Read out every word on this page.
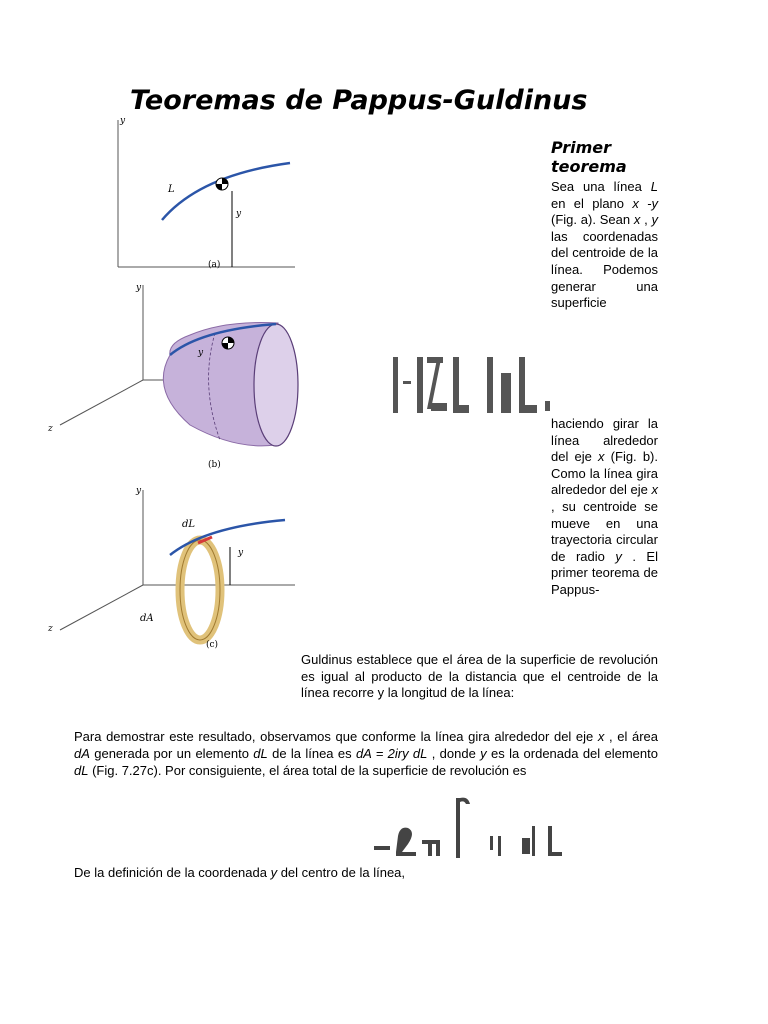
Teoremas de Pappus-Guldinus
y
L
y
(a)
y
y
z
(b)
y
dL
y
dA
z
(c)
Primer teorema
Sea una línea L en el plano x -y (Fig. a). Sean x , y las coordenadas del centroide de la línea. Podemos generar una superficie
haciendo girar la línea alrededor del eje x (Fig. b). Como la línea gira alrededor del eje x , su centroide se mueve en una trayectoria circular de radio y . El primer teorema de Pappus-
Guldinus establece que el área de la superficie de revolución es igual al producto de la distancia que el centroide de la línea recorre y la longitud de la línea:
Para demostrar este resultado, observamos que conforme la línea gira alrededor del eje x , el área dA generada por un elemento dL de la línea es dA = 2iry dL , donde y es la ordenada del elemento dL (Fig. 7.27c). Por consiguiente, el área total de la superficie de revolución es
De la definición de la coordenada y del centro de la línea,
